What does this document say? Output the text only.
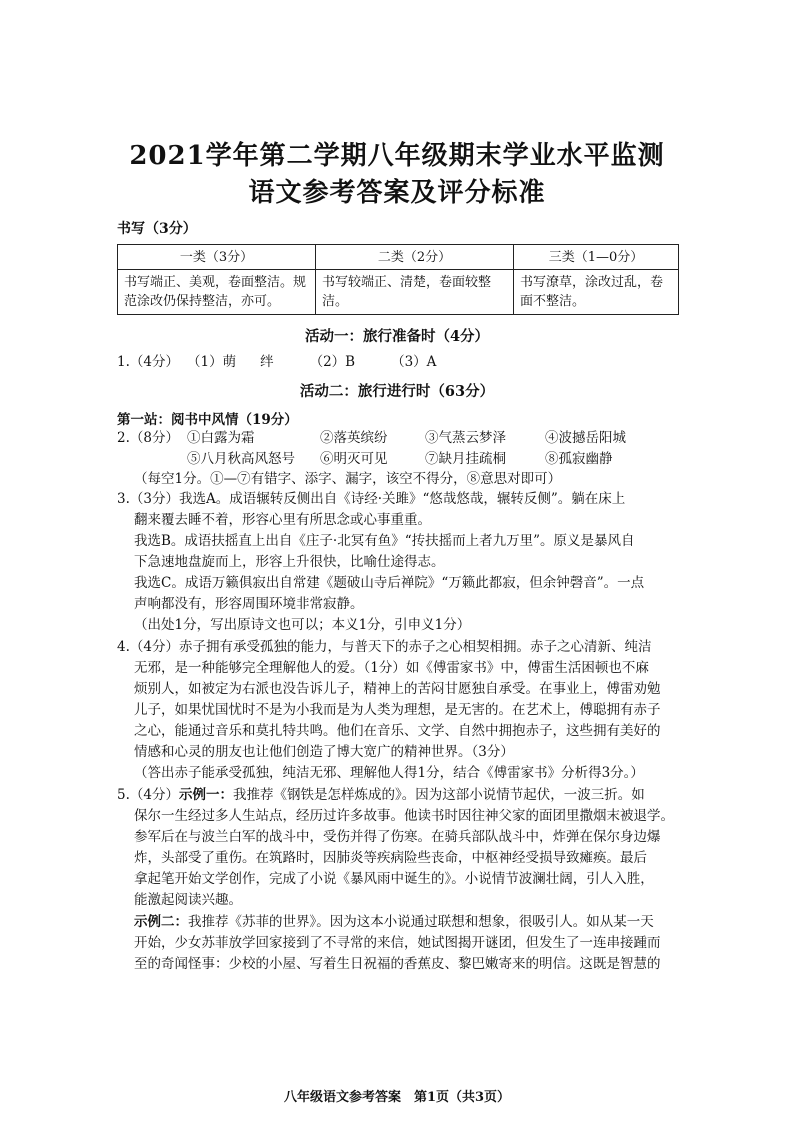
2021学年第二学期八年级期末学业水平监测
语文参考答案及评分标准
书写（3分）
一类（3分）	二类（2分）	三类（1—0分）
书写端正、美观，卷面整洁。规范涂改仍保持整洁，亦可。	书写较端正、清楚，卷面较整洁。	书写潦草，涂改过乱，卷面不整洁。
活动一：旅行准备时（4分）
1.（4分） （1）萌 绊	（2）B	（3）A
活动二：旅行进行时（63分）
第一站：阅书中风情（19分）
2.（8分） ①白露为霜	②落英缤纷	③气蒸云梦泽	④波撼岳阳城
⑤八月秋高风怒号 ⑥明灭可见	⑦缺月挂疏桐	⑧孤寂幽静
（每空1分。①—⑦有错字、添字、漏字，该空不得分，⑧意思对即可）
3.（3分）我选A。成语辗转反侧出自《诗经·关雎》“悠哉悠哉，辗转反侧”。躺在床上
翻来覆去睡不着，形容心里有所思念或心事重重。
我选B。成语扶摇直上出自《庄子·北冥有鱼》“抟扶摇而上者九万里”。原义是暴风自
下急速地盘旋而上，形容上升很快，比喻仕途得志。
我选C。成语万籁俱寂出自常建《题破山寺后禅院》“万籁此都寂，但余钟磬音”。一点
声响都没有，形容周围环境非常寂静。
（出处1分，写出原诗文也可以；本义1分，引申义1分）
4.（4分）赤子拥有承受孤独的能力，与普天下的赤子之心相契相拥。赤子之心清新、纯洁
无邪，是一种能够完全理解他人的爱。（1分）如《傅雷家书》中，傅雷生活困顿也不麻
烦别人，如被定为右派也没告诉儿子，精神上的苦闷甘愿独自承受。在事业上，傅雷劝勉
儿子，如果忧国忧时不是为小我而是为人类为理想，是无害的。在艺术上，傅聪拥有赤子
之心，能通过音乐和莫扎特共鸣。他们在音乐、文学、自然中拥抱赤子，这些拥有美好的
情感和心灵的朋友也让他们创造了博大宽广的精神世界。（3分）
（答出赤子能承受孤独，纯洁无邪、理解他人得1分，结合《傅雷家书》分析得3分。）
5.（4分）示例一：我推荐《钢铁是怎样炼成的》。因为这部小说情节起伏，一波三折。如
保尔一生经过多人生站点，经历过许多故事。他读书时因往神父家的面团里撒烟末被退学。
参军后在与波兰白军的战斗中，受伤并得了伤寒。在骑兵部队战斗中，炸弹在保尔身边爆
炸，头部受了重伤。在筑路时，因肺炎等疾病险些丧命，中枢神经受损导致瘫痪。最后
拿起笔开始文学创作，完成了小说《暴风雨中诞生的》。小说情节波澜壮阔，引人入胜，
能激起阅读兴趣。
示例二：我推荐《苏菲的世界》。因为这本小说通过联想和想象，很吸引人。如从某一天
开始，少女苏菲放学回家接到了不寻常的来信，她试图揭开谜团，但发生了一连串接踵而
至的奇闻怪事：少校的小屋、写着生日祝福的香蕉皮、黎巴嫩寄来的明信。这既是智慧的
八年级语文参考答案　第1页（共3页）
